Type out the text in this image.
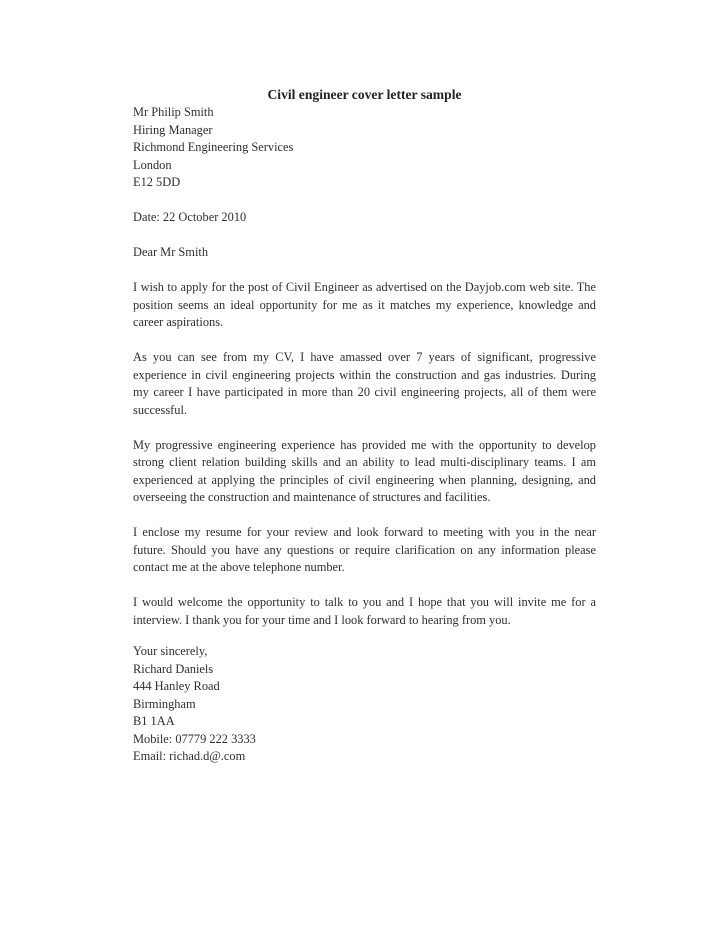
Civil engineer cover letter sample
Mr Philip Smith
Hiring Manager
Richmond Engineering Services
London
E12 5DD
Date: 22 October 2010
Dear Mr Smith

I wish to apply for the post of Civil Engineer as advertised on the Dayjob.com web site. The position seems an ideal opportunity for me as it matches my experience, knowledge and career aspirations.

As you can see from my CV, I have amassed over 7 years of significant, progressive experience in civil engineering projects within the construction and gas industries. During my career I have participated in more than 20 civil engineering projects, all of them were successful.

My progressive engineering experience has provided me with the opportunity to develop strong client relation building skills and an ability to lead multi-disciplinary teams. I am experienced at applying the principles of civil engineering when planning, designing, and overseeing the construction and maintenance of structures and facilities.

I enclose my resume for your review and look forward to meeting with you in the near future. Should you have any questions or require clarification on any information please contact me at the above telephone number.

I would welcome the opportunity to talk to you and I hope that you will invite me for a interview. I thank you for your time and I look forward to hearing from you.

Your sincerely,
Richard Daniels
444 Hanley Road
Birmingham
B1 1AA
Mobile: 07779 222 3333
Email: richad.d@.com
